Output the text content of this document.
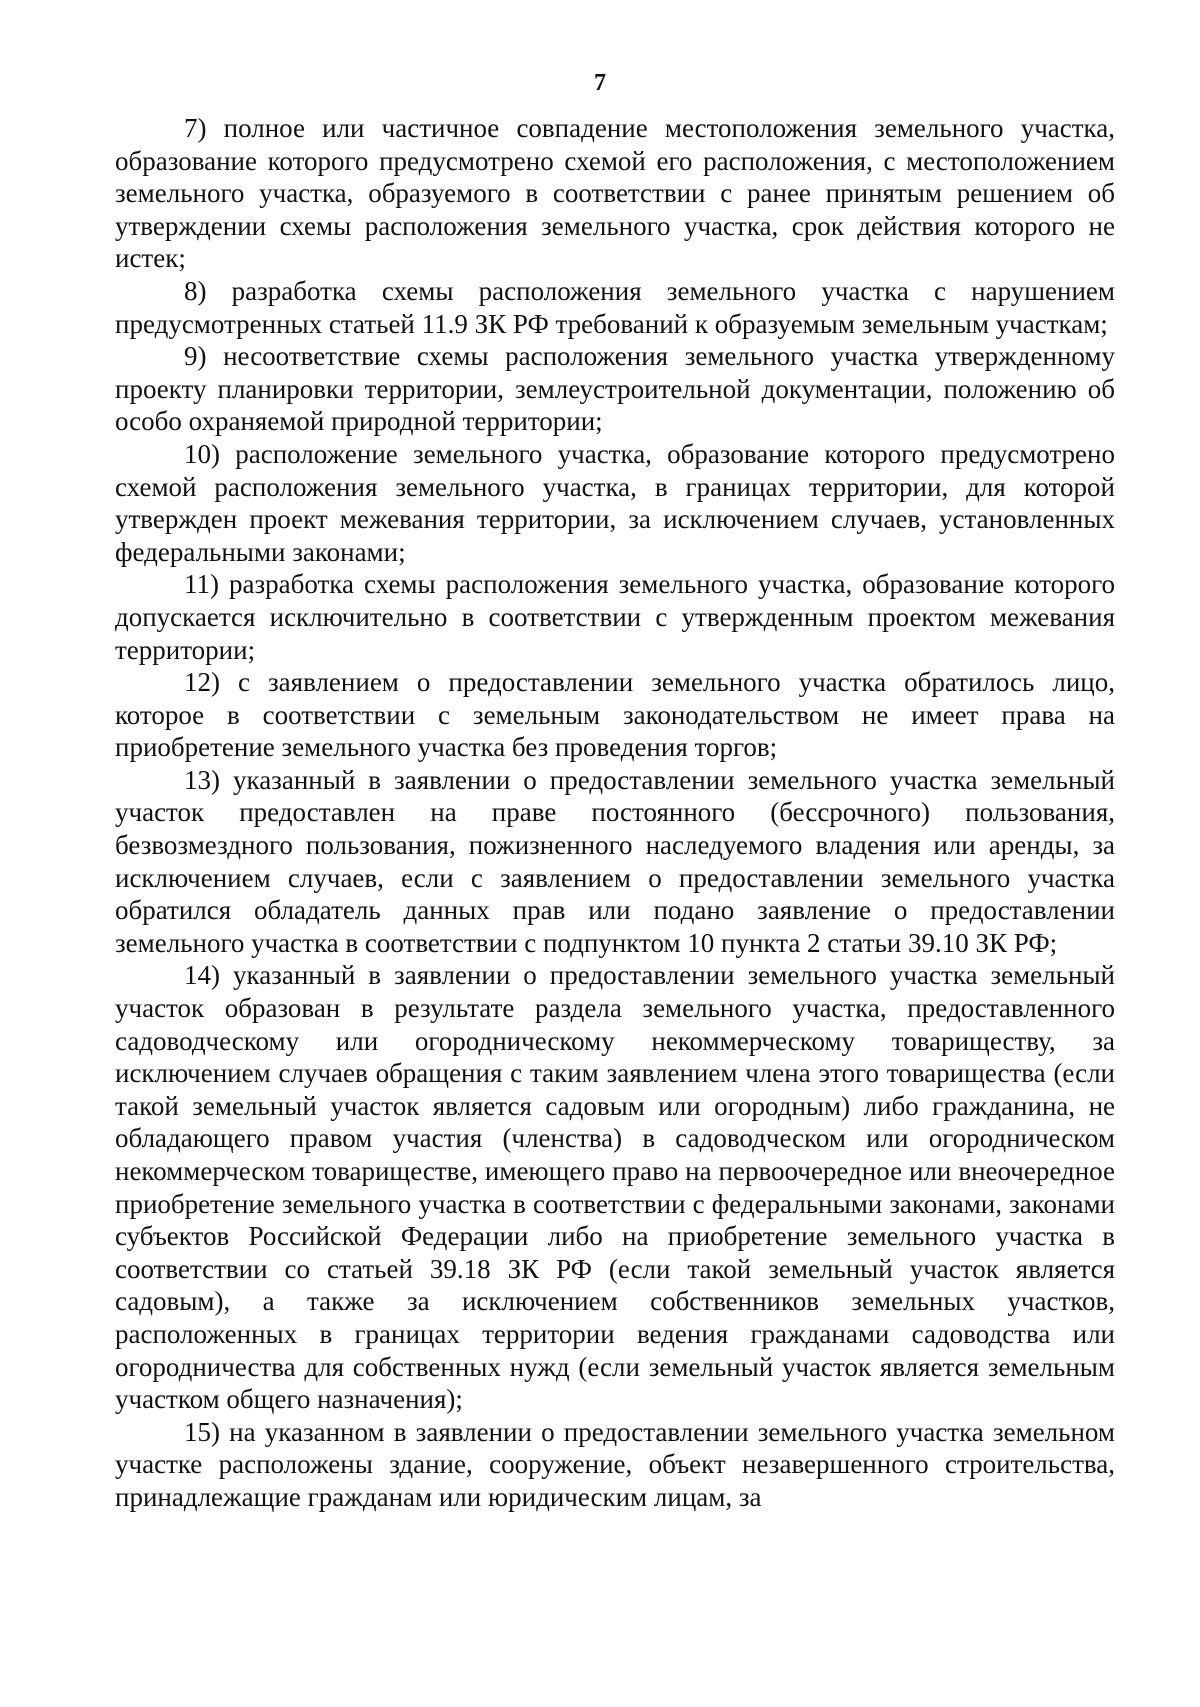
7

7) полное или частичное совпадение местоположения земельного участка, образование которого предусмотрено схемой его расположения, с местоположением земельного участка, образуемого в соответствии с ранее принятым решением об утверждении схемы расположения земельного участка, срок действия которого не истек;

8) разработка схемы расположения земельного участка с нарушением предусмотренных статьей 11.9 ЗК РФ требований к образуемым земельным участкам;

9) несоответствие схемы расположения земельного участка утвержденному проекту планировки территории, землеустроительной документации, положению об особо охраняемой природной территории;

10) расположение земельного участка, образование которого предусмотрено схемой расположения земельного участка, в границах территории, для которой утвержден проект межевания территории, за исключением случаев, установленных федеральными законами;

11) разработка схемы расположения земельного участка, образование которого допускается исключительно в соответствии с утвержденным проектом межевания территории;

12) с заявлением о предоставлении земельного участка обратилось лицо, которое в соответствии с земельным законодательством не имеет права на приобретение земельного участка без проведения торгов;

13) указанный в заявлении о предоставлении земельного участка земельный участок предоставлен на праве постоянного (бессрочного) пользования, безвозмездного пользования, пожизненного наследуемого владения или аренды, за исключением случаев, если с заявлением о предоставлении земельного участка обратился обладатель данных прав или подано заявление о предоставлении земельного участка в соответствии с подпунктом 10 пункта 2 статьи 39.10 ЗК РФ;

14) указанный в заявлении о предоставлении земельного участка земельный участок образован в результате раздела земельного участка, предоставленного садоводческому или огородническому некоммерческому товариществу, за исключением случаев обращения с таким заявлением члена этого товарищества (если такой земельный участок является садовым или огородным) либо гражданина, не обладающего правом участия (членства) в садоводческом или огородническом некоммерческом товариществе, имеющего право на первоочередное или внеочередное приобретение земельного участка в соответствии с федеральными законами, законами субъектов Российской Федерации либо на приобретение земельного участка в соответствии со статьей 39.18 ЗК РФ (если такой земельный участок является садовым), а также за исключением собственников земельных участков, расположенных в границах территории ведения гражданами садоводства или огородничества для собственных нужд (если земельный участок является земельным участком общего назначения);

15) на указанном в заявлении о предоставлении земельного участка земельном участке расположены здание, сооружение, объект незавершенного строительства, принадлежащие гражданам или юридическим лицам, за
